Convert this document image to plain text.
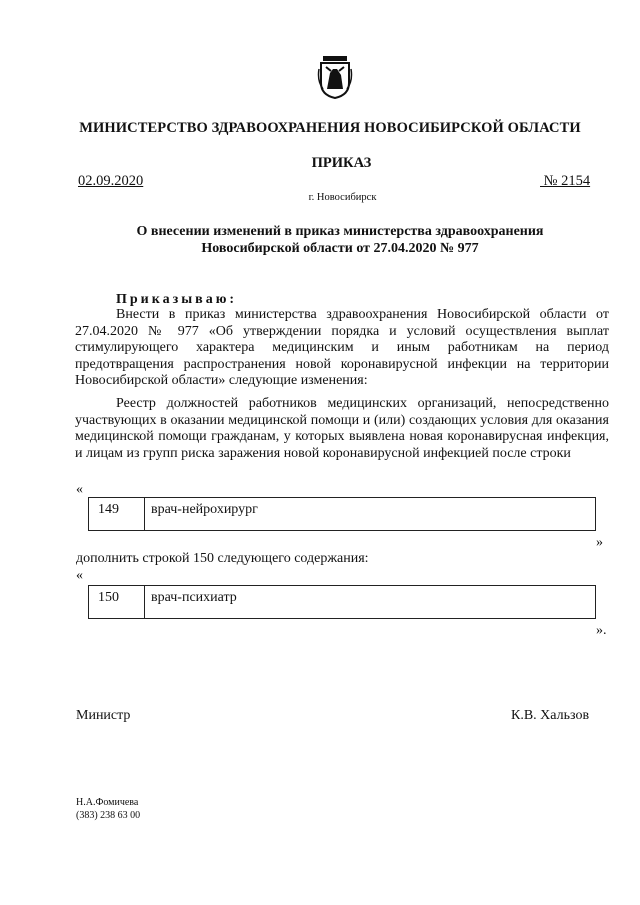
МИНИСТЕРСТВО ЗДРАВООХРАНЕНИЯ НОВОСИБИРСКОЙ ОБЛАСТИ
ПРИКАЗ
02.09.2020	№ 2154
г. Новосибирск
О внесении изменений в приказ министерства здравоохранения Новосибирской области от 27.04.2020 № 977
Приказываю:
Внести в приказ министерства здравоохранения Новосибирской области от 27.04.2020 № 977 «Об утверждении порядка и условий осуществления выплат стимулирующего характера медицинским и иным работникам на период предотвращения распространения новой коронавирусной инфекции на территории Новосибирской области» следующие изменения:
Реестр должностей работников медицинских организаций, непосредственно участвующих в оказании медицинской помощи и (или) создающих условия для оказания медицинской помощи гражданам, у которых выявлена новая коронавирусная инфекция, и лицам из групп риска заражения новой коронавирусной инфекцией после строки
«
149	врач-нейрохирург
»
дополнить строкой 150 следующего содержания:
«
150	врач-психиатр
».
Министр	К.В. Хальзов
Н.А.Фомичева
(383) 238 63 00
